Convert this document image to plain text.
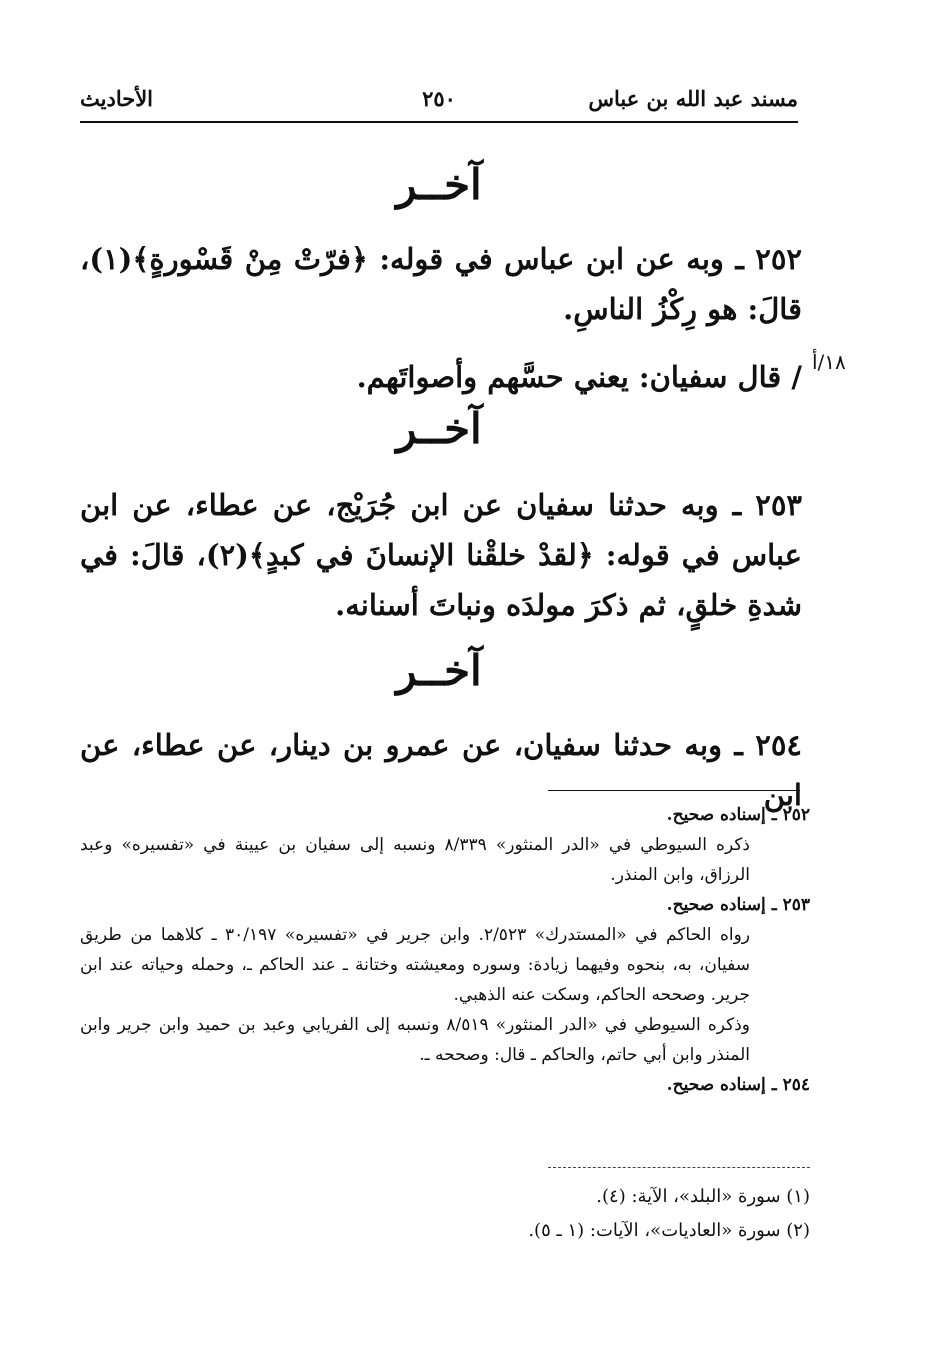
مسند عبد الله بن عباس
٢٥٠
الأحاديث
آخــر
٢٥٢ ـ وبه عن ابن عباس في قوله: ﴿فرّتْ مِنْ قَسْورةٍ﴾(١)، قالَ: هو رِكْزُ الناسِ.
/ قال سفيان: يعني حسَّهم وأصواتَهم. ١٨/أ
آخــر
٢٥٣ ـ وبه حدثنا سفيان عن ابن جُرَيْج، عن عطاء، عن ابن عباس في قوله: ﴿لقدْ خلقْنا الإنسانَ في كبدٍ﴾(٢)، قالَ: في شدةِ خلقٍ، ثم ذكرَ مولدَه ونباتَ أسنانه.
آخــر
٢٥٤ ـ وبه حدثنا سفيان، عن عمرو بن دينار، عن عطاء، عن ابن
٢٥٢ ـ إسناده صحيح.
ذكره السيوطي في «الدر المنثور» ٨/٣٣٩ ونسبه إلى سفيان بن عيينة في «تفسيره» وعبد الرزاق، وابن المنذر.
٢٥٣ ـ إسناده صحيح.
رواه الحاكم في «المستدرك» ٢/٥٢٣. وابن جرير في «تفسيره» ٣٠/١٩٧ ـ كلاهما من طريق سفيان، به، بنحوه وفيهما زيادة: وسوره ومعيشته وختانة ـ عند الحاكم ـ، وحمله وحياته عند ابن جرير. وصححه الحاكم، وسكت عنه الذهبي.
وذكره السيوطي في «الدر المنثور» ٨/٥١٩ ونسبه إلى الفريابي وعبد بن حميد وابن جرير وابن المنذر وابن أبي حاتم، والحاكم ـ قال: وصححه ـ.
٢٥٤ ـ إسناده صحيح.
(١) سورة «البلد»، الآية: (٤).
(٢) سورة «العاديات»، الآيات: (١ ـ ٥).
